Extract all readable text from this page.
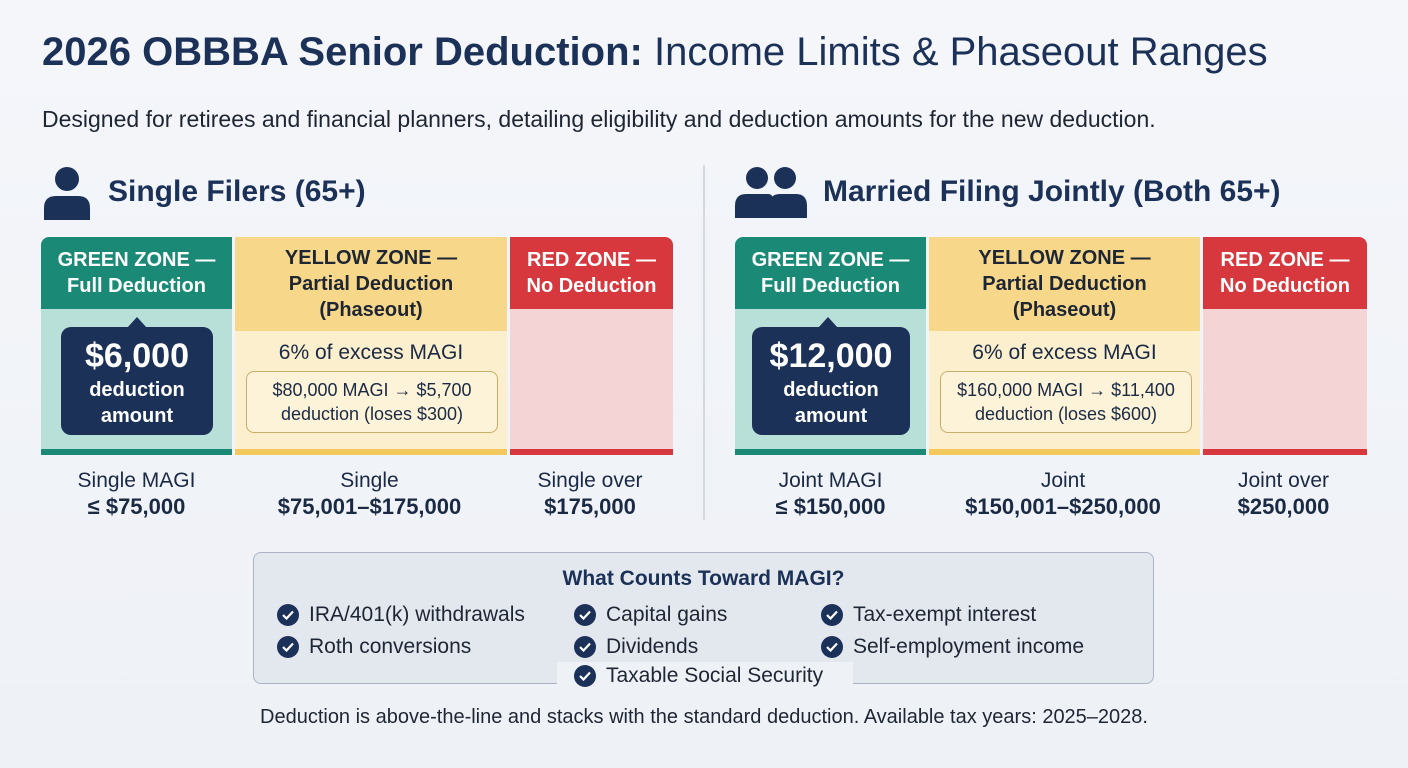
2026 OBBBA Senior Deduction: Income Limits & Phaseout Ranges
Designed for retirees and financial planners, detailing eligibility and deduction amounts for the new deduction.
Single Filers (65+)
GREEN ZONE —
Full Deduction
$6,000
deduction
amount
YELLOW ZONE —
Partial Deduction
(Phaseout)
6% of excess MAGI
$80,000 MAGI → $5,700
deduction (loses $300)
RED ZONE —
No Deduction
Single MAGI
≤ $75,000
Single
$75,001–$175,000
Single over
$175,000
Married Filing Jointly (Both 65+)
GREEN ZONE —
Full Deduction
$12,000
deduction
amount
YELLOW ZONE —
Partial Deduction
(Phaseout)
6% of excess MAGI
$160,000 MAGI → $11,400
deduction (loses $600)
RED ZONE —
No Deduction
Joint MAGI
≤ $150,000
Joint
$150,001–$250,000
Joint over
$250,000
What Counts Toward MAGI?
IRA/401(k) withdrawals	Capital gains	Tax-exempt interest
Roth conversions	Dividends	Self-employment income
Taxable Social Security
Deduction is above-the-line and stacks with the standard deduction. Available tax years: 2025–2028.
